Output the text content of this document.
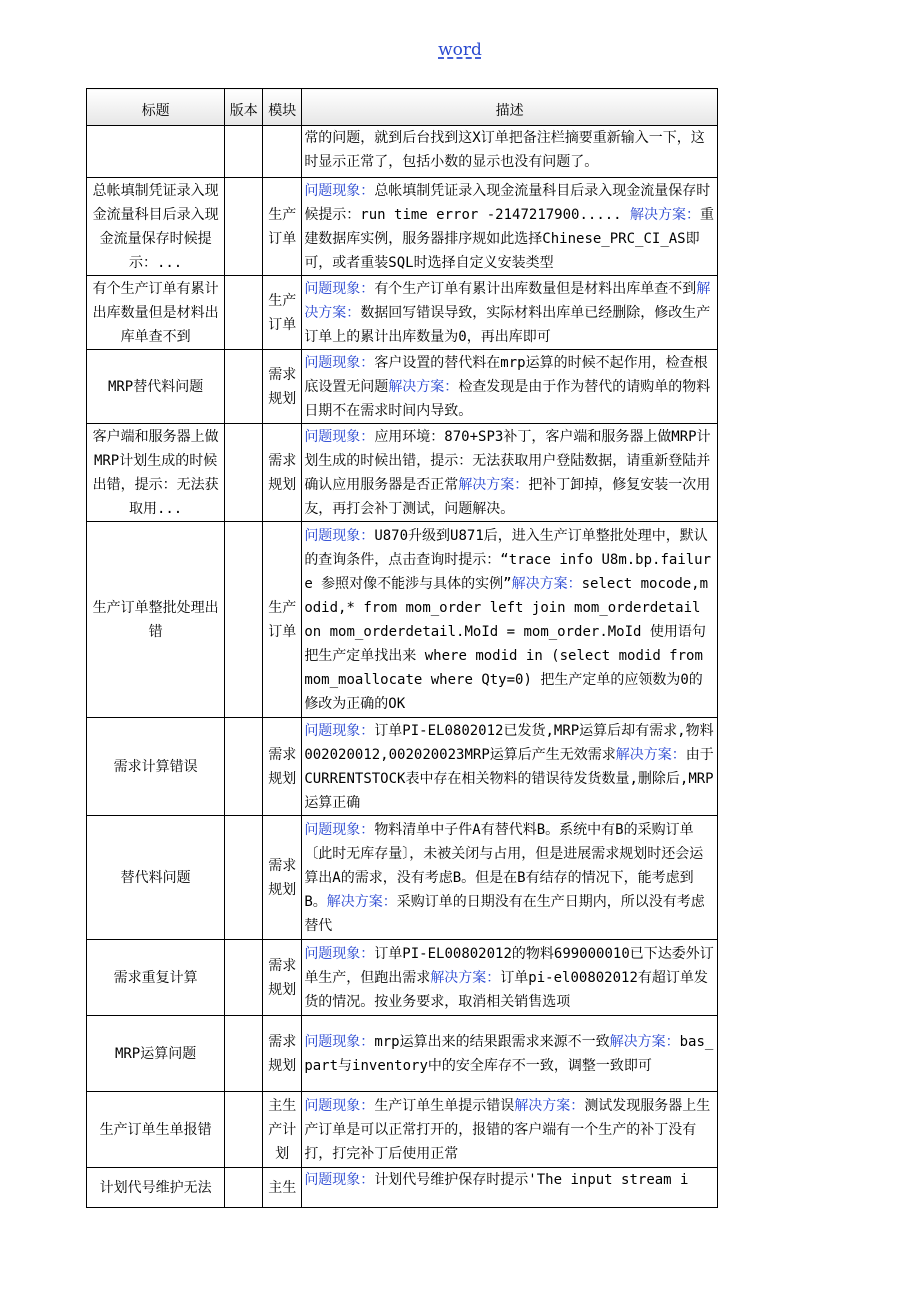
word
标题	版本	模块	描述
			常的问题，就到后台找到这X订单把备注栏摘要重新输入一下，这时显示正常了，包括小数的显示也没有问题了。
总帐填制凭证录入现金流量科目后录入现金流量保存时候提示：...		生产订单	问题现象：总帐填制凭证录入现金流量科目后录入现金流量保存时候提示：run time error -2147217900..... 解决方案：重建数据库实例，服务器排序规如此选择Chinese_PRC_CI_AS即可，或者重装SQL时选择自定义安装类型
有个生产订单有累计出库数量但是材料出库单查不到		生产订单	问题现象：有个生产订单有累计出库数量但是材料出库单查不到解决方案：数据回写错误导致，实际材料出库单已经删除，修改生产订单上的累计出库数量为0，再出库即可
MRP替代料问题		需求规划	问题现象：客户设置的替代料在mrp运算的时候不起作用，检查根底设置无问题解决方案：检查发现是由于作为替代的请购单的物料日期不在需求时间内导致。
客户端和服务器上做MRP计划生成的时候出错，提示：无法获取用...		需求规划	问题现象：应用环境：870+SP3补丁，客户端和服务器上做MRP计划生成的时候出错，提示：无法获取用户登陆数据，请重新登陆并确认应用服务器是否正常解决方案：把补丁卸掉，修复安装一次用友，再打会补丁测试，问题解决。
生产订单整批处理出错		生产订单	问题现象：U870升级到U871后，进入生产订单整批处理中，默认的查询条件，点击查询时提示：“trace info U8m.bp.failure 参照对像不能涉与具体的实例”解决方案：select mocode,modid,* from mom_order left join mom_orderdetail on mom_orderdetail.MoId = mom_order.MoId 使用语句把生产定单找出来 where modid in (select modid from mom_moallocate where Qty=0) 把生产定单的应领数为0的修改为正确的OK
需求计算错误		需求规划	问题现象：订单PI-EL0802012已发货,MRP运算后却有需求,物料002020012,002020023MRP运算后产生无效需求解决方案：由于CURRENTSTOCK表中存在相关物料的错误待发货数量,删除后,MRP运算正确
替代料问题		需求规划	问题现象：物料清单中子件A有替代料B。系统中有B的采购订单〔此时无库存量〕，未被关闭与占用，但是进展需求规划时还会运算出A的需求，没有考虑B。但是在B有结存的情况下，能考虑到B。解决方案：采购订单的日期没有在生产日期内，所以没有考虑替代
需求重复计算		需求规划	问题现象：订单PI-EL00802012的物料699000010已下达委外订单生产，但跑出需求解决方案：订单pi-el00802012有超订单发货的情况。按业务要求，取消相关销售选项
MRP运算问题		需求规划	问题现象：mrp运算出来的结果跟需求来源不一致解决方案：bas_part与inventory中的安全库存不一致，调整一致即可
生产订单生单报错		主生产计划	问题现象：生产订单生单提示错误解决方案：测试发现服务器上生产订单是可以正常打开的，报错的客户端有一个生产的补丁没有打，打完补丁后使用正常
计划代号维护无法		主生	问题现象：计划代号维护保存时提示'The input stream i
